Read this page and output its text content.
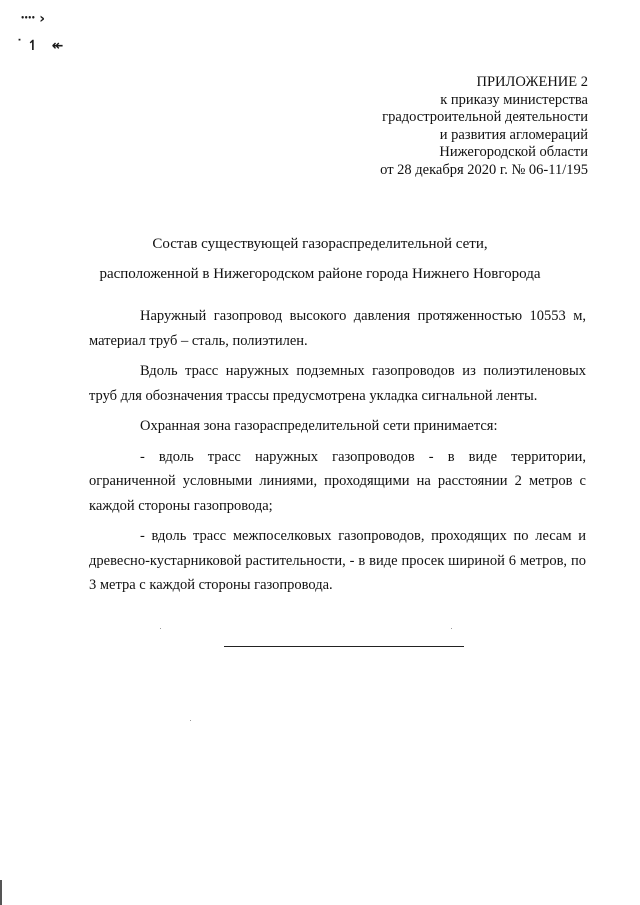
᠁ ›
˙↿ ↞
ПРИЛОЖЕНИЕ 2
к приказу министерства
градостроительной деятельности
и развития агломераций
Нижегородской области
от 28 декабря 2020 г. № 06-11/195
Состав существующей газораспределительной сети,
расположенной в Нижегородском районе города Нижнего Новгорода

Наружный газопровод высокого давления протяженностью 10553 м, материал труб – сталь, полиэтилен.

Вдоль трасс наружных подземных газопроводов из полиэтиленовых труб для обозначения трассы предусмотрена укладка сигнальной ленты.

Охранная зона газораспределительной сети принимается:

- вдоль трасс наружных газопроводов - в виде территории, ограниченной условными линиями, проходящими на расстоянии 2 метров с каждой стороны газопровода;

- вдоль трасс межпоселковых газопроводов, проходящих по лесам и древесно-кустарниковой растительности, - в виде просек шириной 6 метров, по 3 метра с каждой стороны газопровода.
